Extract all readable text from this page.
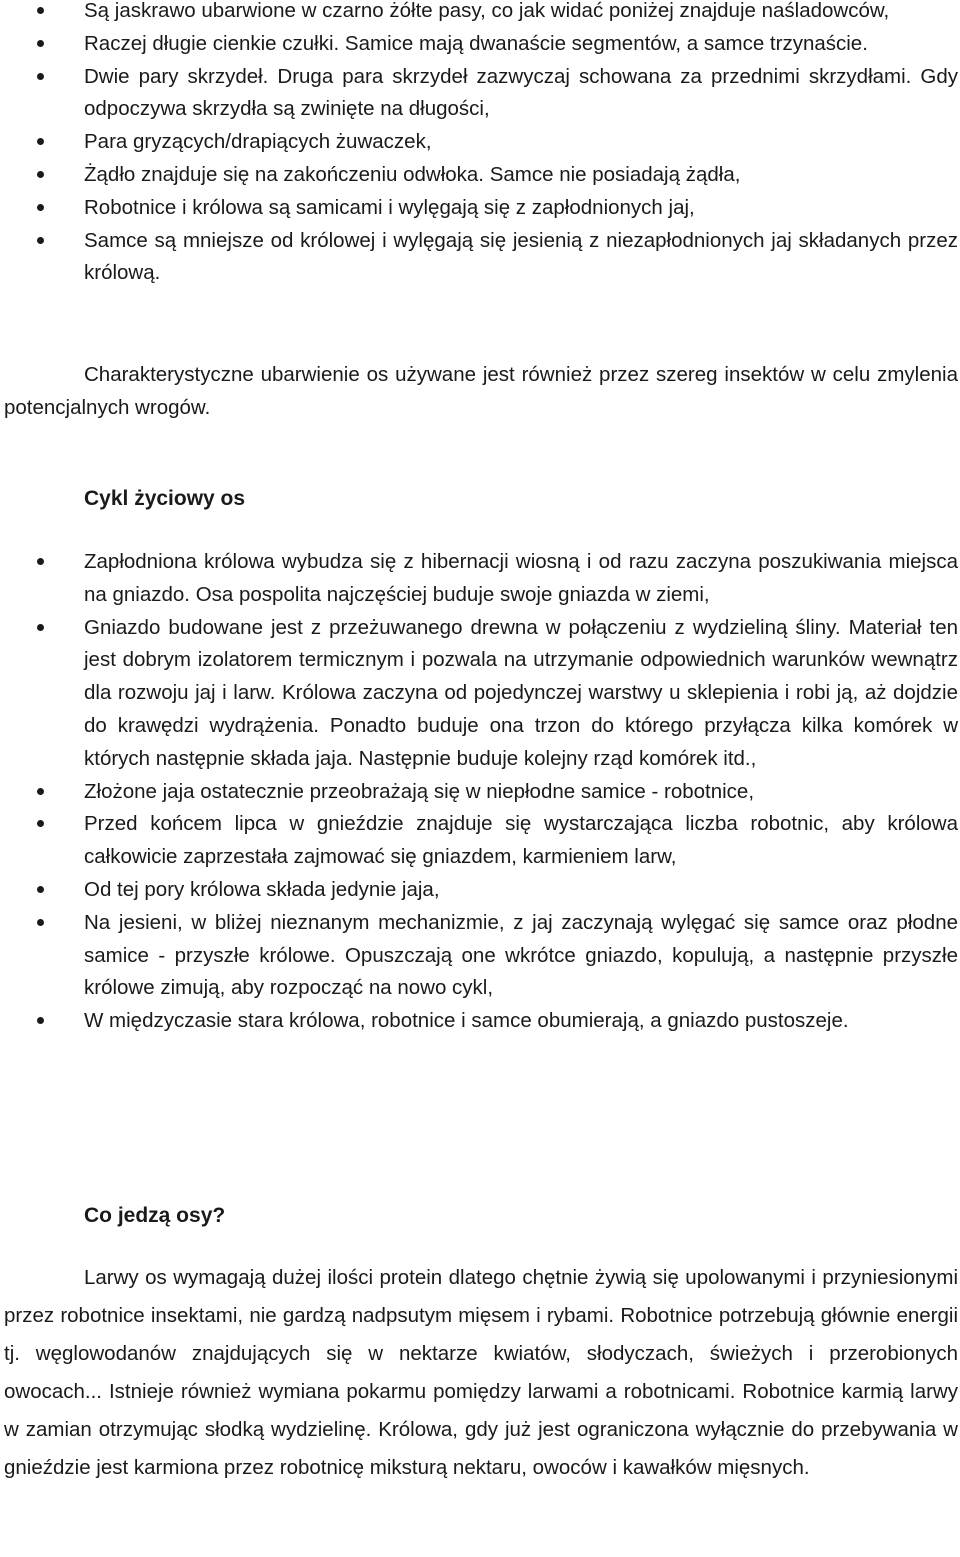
Są jaskrawo ubarwione w czarno żółte pasy, co jak widać poniżej znajduje naśladowców,
Raczej długie cienkie czułki. Samice mają dwanaście segmentów, a samce trzynaście.
Dwie pary skrzydeł. Druga para skrzydeł zazwyczaj schowana za przednimi skrzydłami. Gdy odpoczywa skrzydła są zwinięte na długości,
Para gryzących/drapiących żuwaczek,
Żądło znajduje się na zakończeniu odwłoka. Samce nie posiadają żądła,
Robotnice i królowa są samicami i wylęgają się z zapłodnionych jaj,
Samce są mniejsze od królowej i wylęgają się jesienią z niezapłodnionych jaj składanych przez królową.

Charakterystyczne ubarwienie os używane jest również przez szereg insektów w celu zmylenia potencjalnych wrogów.

Cykl życiowy os
Zapłodniona królowa wybudza się z hibernacji wiosną i od razu zaczyna poszukiwania miejsca na gniazdo. Osa pospolita najczęściej buduje swoje gniazda w ziemi,
Gniazdo budowane jest z przeżuwanego drewna w połączeniu z wydzieliną śliny. Materiał ten jest dobrym izolatorem termicznym i pozwala na utrzymanie odpowiednich warunków wewnątrz dla rozwoju jaj i larw. Królowa zaczyna od pojedynczej warstwy u sklepienia i robi ją, aż dojdzie do krawędzi wydrążenia. Ponadto buduje ona trzon do którego przyłącza kilka komórek w których następnie składa jaja. Następnie buduje kolejny rząd komórek itd.,
Złożone jaja ostatecznie przeobrażają się w niepłodne samice - robotnice,
Przed końcem lipca w gnieździe znajduje się wystarczająca liczba robotnic, aby królowa całkowicie zaprzestała zajmować się gniazdem, karmieniem larw,
Od tej pory królowa składa jedynie jaja,
Na jesieni, w bliżej nieznanym mechanizmie, z jaj zaczynają wylęgać się samce oraz płodne samice - przyszłe królowe. Opuszczają one wkrótce gniazdo, kopulują, a następnie przyszłe królowe zimują, aby rozpocząć na nowo cykl,
W międzyczasie stara królowa, robotnice i samce obumierają, a gniazdo pustoszeje.
Co jedzą osy?

Larwy os wymagają dużej ilości protein dlatego chętnie żywią się upolowanymi i przyniesionymi przez robotnice insektami, nie gardzą nadpsutym mięsem i rybami. Robotnice potrzebują głównie energii tj. węglowodanów znajdujących się w nektarze kwiatów, słodyczach, świeżych i przerobionych owocach... Istnieje również wymiana pokarmu pomiędzy larwami a robotnicami. Robotnice karmią larwy w zamian otrzymując słodką wydzielinę. Królowa, gdy już jest ograniczona wyłącznie do przebywania w gnieździe jest karmiona przez robotnicę miksturą nektaru, owoców i kawałków mięsnych.
